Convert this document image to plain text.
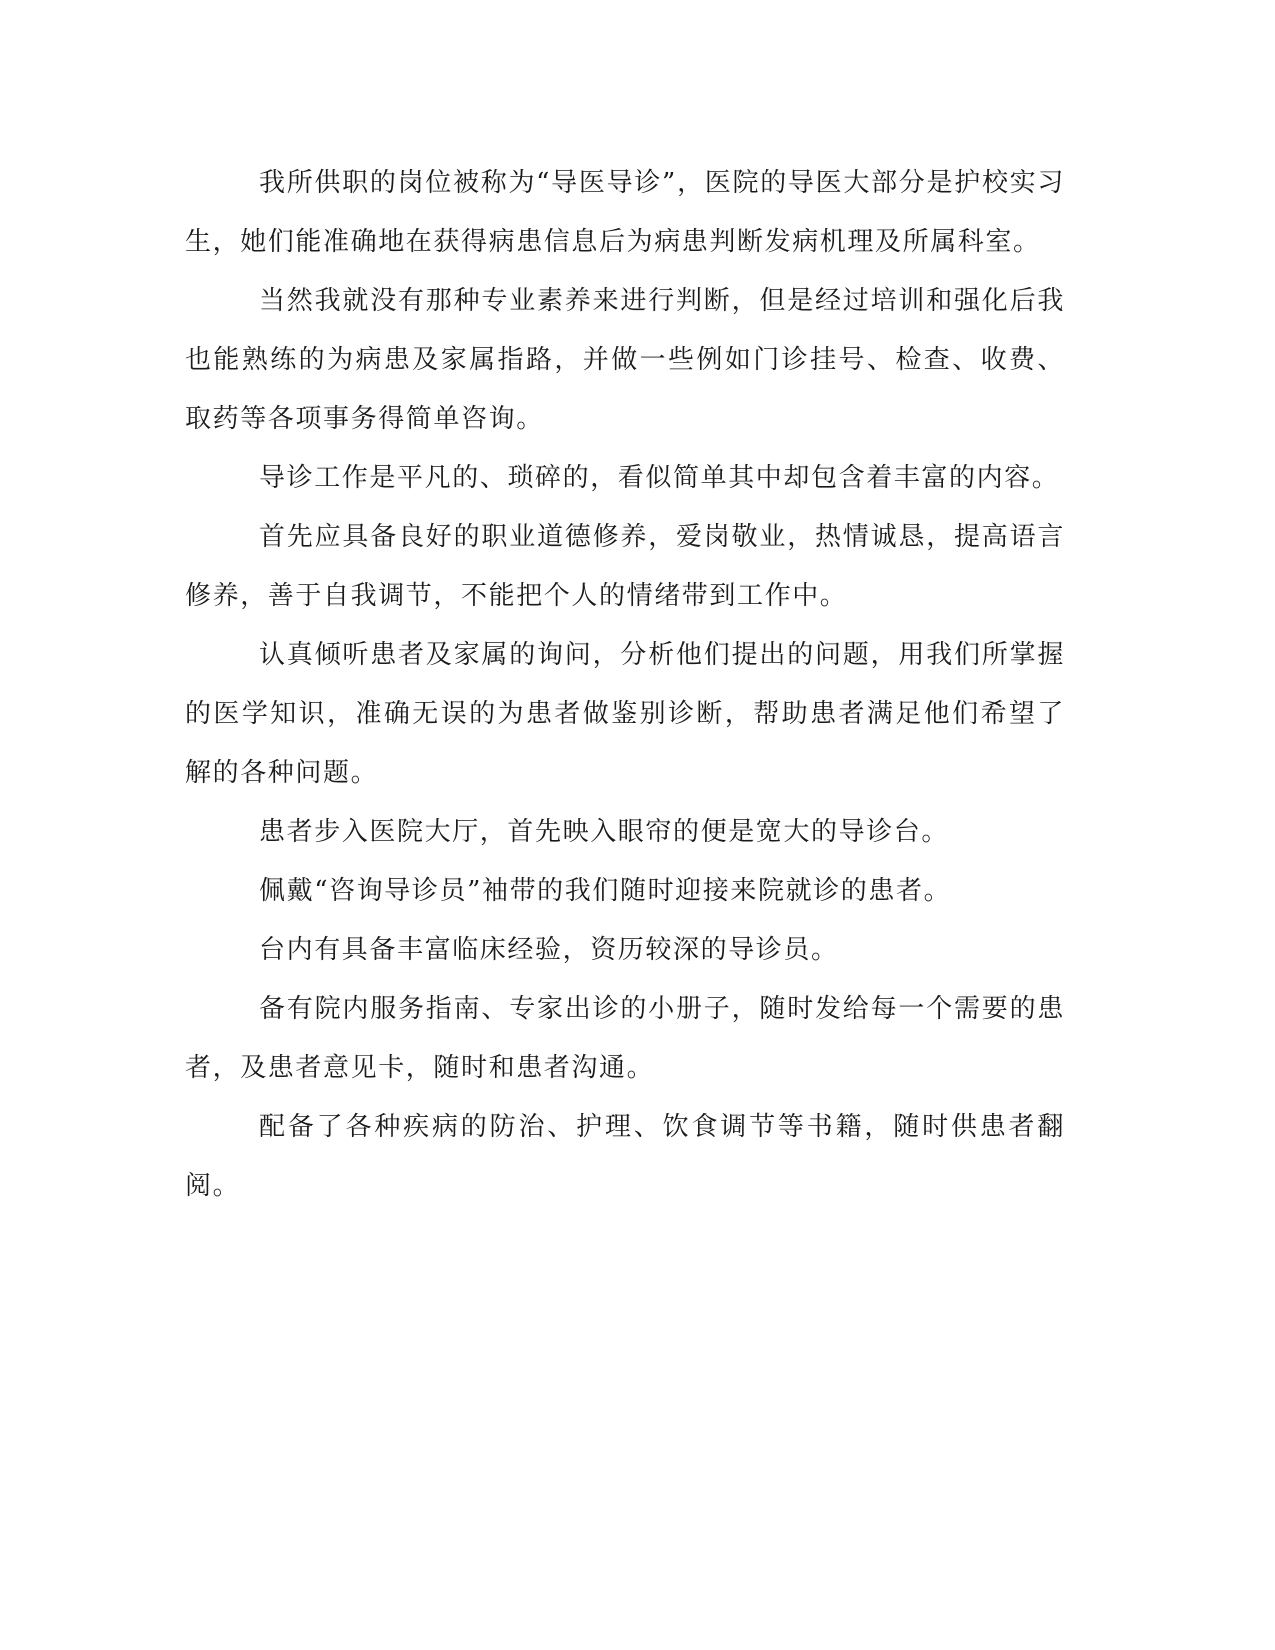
我所供职的岗位被称为“导医导诊”，医院的导医大部分是护校实习生，她们能准确地在获得病患信息后为病患判断发病机理及所属科室。

当然我就没有那种专业素养来进行判断，但是经过培训和强化后我也能熟练的为病患及家属指路，并做一些例如门诊挂号、检查、收费、取药等各项事务得简单咨询。

导诊工作是平凡的、琐碎的，看似简单其中却包含着丰富的内容。

首先应具备良好的职业道德修养，爱岗敬业，热情诚恳，提高语言修养，善于自我调节，不能把个人的情绪带到工作中。

认真倾听患者及家属的询问，分析他们提出的问题，用我们所掌握的医学知识，准确无误的为患者做鉴别诊断，帮助患者满足他们希望了解的各种问题。

患者步入医院大厅，首先映入眼帘的便是宽大的导诊台。

佩戴“咨询导诊员”袖带的我们随时迎接来院就诊的患者。

台内有具备丰富临床经验，资历较深的导诊员。

备有院内服务指南、专家出诊的小册子，随时发给每一个需要的患者，及患者意见卡，随时和患者沟通。

配备了各种疾病的防治、护理、饮食调节等书籍，随时供患者翻阅。
